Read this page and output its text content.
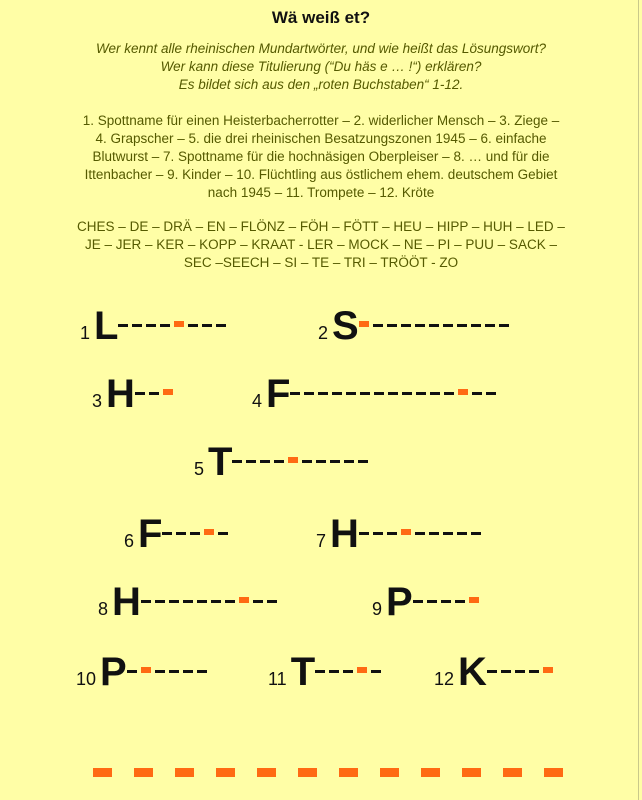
Wä weiß et?
Wer kennt alle rheinischen Mundartwörter, und wie heißt das Lösungswort?
Wer kann diese Titulierung (“Du häs e … !“) erklären?
Es bildet sich aus den „roten Buchstaben“ 1-12.
1. Spottname für einen Heisterbacherrotter – 2. widerlicher Mensch – 3. Ziege –
4. Grapscher – 5. die drei rheinischen Besatzungszonen 1945 – 6. einfache
Blutwurst – 7. Spottname für die hochnäsigen Oberpleiser – 8. … und für die
Ittenbacher – 9. Kinder – 10. Flüchtling aus östlichem ehem. deutschem Gebiet
nach 1945 – 11. Trompete – 12. Kröte
CHES – DE – DRÄ – EN – FLÖNZ – FÖH – FÖTT – HEU – HIPP – HUH – LED –
JE – JER – KER – KOPP – KRAAT - LER – MOCK – NE – PI – PUU – SACK –
SEC –SEECH – SI – TE – TRI – TRÖÖT - ZO
1 L	2 S
3 H	4 F
5 T
6 F	7 H
8 H	9 P
10 P	11 T	12 K
